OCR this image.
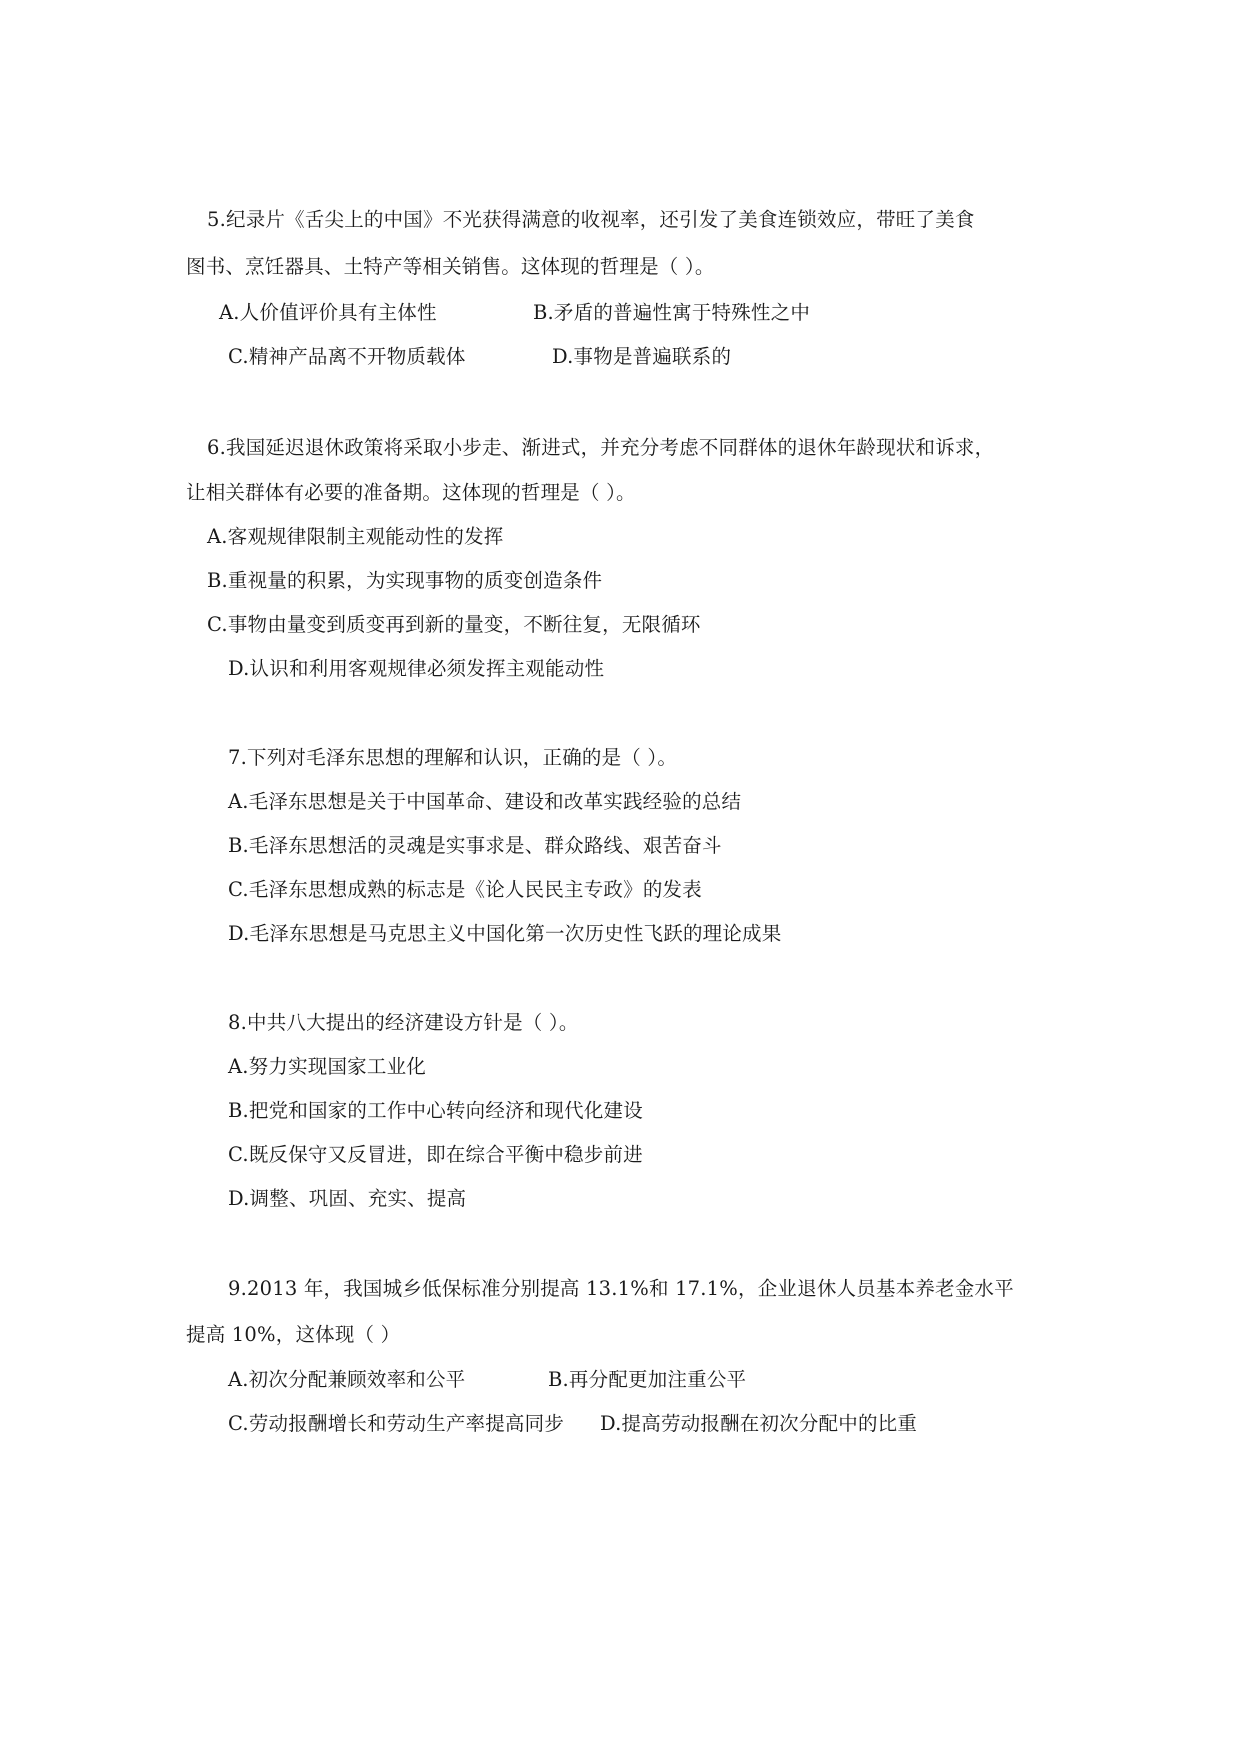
5.纪录片《舌尖上的中国》不光获得满意的收视率，还引发了美食连锁效应，带旺了美食
图书、烹饪器具、土特产等相关销售。这体现的哲理是（ ）。
A.人价值评价具有主体性	B.矛盾的普遍性寓于特殊性之中
C.精神产品离不开物质载体	D.事物是普遍联系的
6.我国延迟退休政策将采取小步走、渐进式，并充分考虑不同群体的退休年龄现状和诉求，
让相关群体有必要的准备期。这体现的哲理是（ ）。
A.客观规律限制主观能动性的发挥
B.重视量的积累，为实现事物的质变创造条件
C.事物由量变到质变再到新的量变，不断往复，无限循环
D.认识和利用客观规律必须发挥主观能动性
7.下列对毛泽东思想的理解和认识，正确的是（ ）。
A.毛泽东思想是关于中国革命、建设和改革实践经验的总结
B.毛泽东思想活的灵魂是实事求是、群众路线、艰苦奋斗
C.毛泽东思想成熟的标志是《论人民民主专政》的发表
D.毛泽东思想是马克思主义中国化第一次历史性飞跃的理论成果
8.中共八大提出的经济建设方针是（ ）。
A.努力实现国家工业化
B.把党和国家的工作中心转向经济和现代化建设
C.既反保守又反冒进，即在综合平衡中稳步前进
D.调整、巩固、充实、提高
9.2013 年，我国城乡低保标准分别提高 13.1%和 17.1%，企业退休人员基本养老金水平
提高 10%，这体现（ ）
A.初次分配兼顾效率和公平	B.再分配更加注重公平
C.劳动报酬增长和劳动生产率提高同步 D.提高劳动报酬在初次分配中的比重
